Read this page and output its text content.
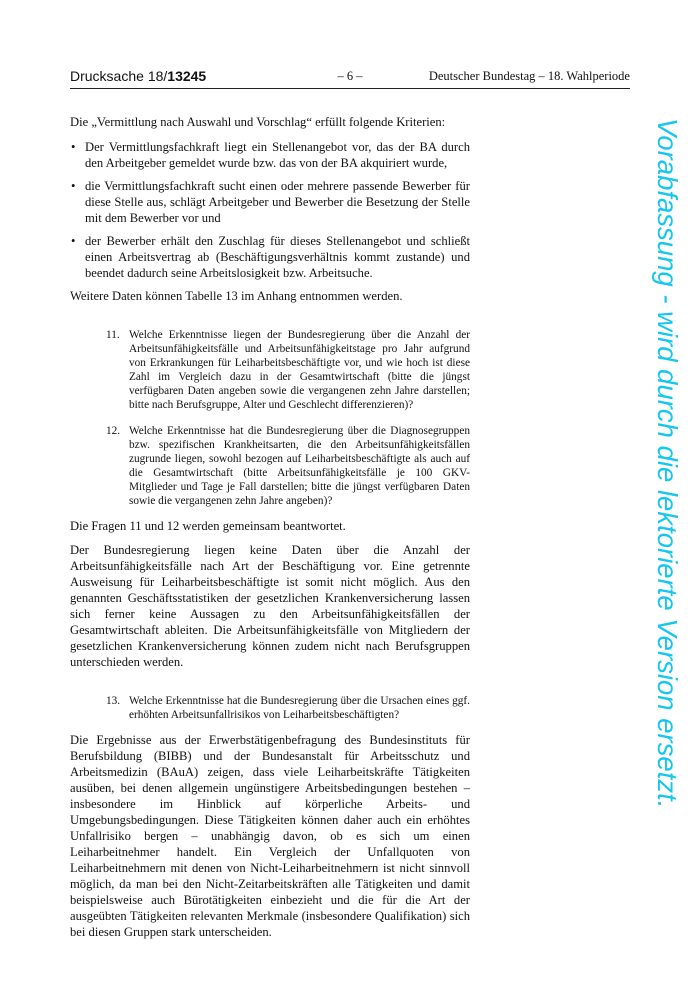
Drucksache 18/13245	– 6 –	Deutscher Bundestag – 18. Wahlperiode

Die „Vermittlung nach Auswahl und Vorschlag“ erfüllt folgende Kriterien:

• Der Vermittlungsfachkraft liegt ein Stellenangebot vor, das der BA durch den Arbeitgeber gemeldet wurde bzw. das von der BA akquiriert wurde,
• die Vermittlungsfachkraft sucht einen oder mehrere passende Bewerber für diese Stelle aus, schlägt Arbeitgeber und Bewerber die Besetzung der Stelle mit dem Bewerber vor und
• der Bewerber erhält den Zuschlag für dieses Stellenangebot und schließt einen Arbeitsvertrag ab (Beschäftigungsverhältnis kommt zustande) und beendet dadurch seine Arbeitslosigkeit bzw. Arbeitsuche.

Weitere Daten können Tabelle 13 im Anhang entnommen werden.

11. Welche Erkenntnisse liegen der Bundesregierung über die Anzahl der Arbeitsunfähigkeitsfälle und Arbeitsunfähigkeitstage pro Jahr aufgrund von Erkrankungen für Leiharbeitsbeschäftigte vor, und wie hoch ist diese Zahl im Vergleich dazu in der Gesamtwirtschaft (bitte die jüngst verfügbaren Daten angeben sowie die vergangenen zehn Jahre darstellen; bitte nach Berufsgruppe, Alter und Geschlecht differenzieren)?
12. Welche Erkenntnisse hat die Bundesregierung über die Diagnosegruppen bzw. spezifischen Krankheitsarten, die den Arbeitsunfähigkeitsfällen zugrunde liegen, sowohl bezogen auf Leiharbeitsbeschäftigte als auch auf die Gesamtwirtschaft (bitte Arbeitsunfähigkeitsfälle je 100 GKV-Mitglieder und Tage je Fall darstellen; bitte die jüngst verfügbaren Daten sowie die vergangenen zehn Jahre angeben)?

Die Fragen 11 und 12 werden gemeinsam beantwortet.

Der Bundesregierung liegen keine Daten über die Anzahl der Arbeitsunfähigkeitsfälle nach Art der Beschäftigung vor. Eine getrennte Ausweisung für Leiharbeitsbeschäftigte ist somit nicht möglich. Aus den genannten Geschäftsstatistiken der gesetzlichen Krankenversicherung lassen sich ferner keine Aussagen zu den Arbeitsunfähigkeitsfällen der Gesamtwirtschaft ableiten. Die Arbeitsunfähigkeitsfälle von Mitgliedern der gesetzlichen Krankenversicherung können zudem nicht nach Berufsgruppen unterschieden werden.

13. Welche Erkenntnisse hat die Bundesregierung über die Ursachen eines ggf. erhöhten Arbeitsunfallrisikos von Leiharbeitsbeschäftigten?

Die Ergebnisse aus der Erwerbstätigenbefragung des Bundesinstituts für Berufsbildung (BIBB) und der Bundesanstalt für Arbeitsschutz und Arbeitsmedizin (BAuA) zeigen, dass viele Leiharbeitskräfte Tätigkeiten ausüben, bei denen allgemein ungünstigere Arbeitsbedingungen bestehen – insbesondere im Hinblick auf körperliche Arbeits- und Umgebungsbedingungen. Diese Tätigkeiten können daher auch ein erhöhtes Unfallrisiko bergen – unabhängig davon, ob es sich um einen Leiharbeitnehmer handelt. Ein Vergleich der Unfallquoten von Leiharbeitnehmern mit denen von Nicht-Leiharbeitnehmern ist nicht sinnvoll möglich, da man bei den Nicht-Zeitarbeitskräften alle Tätigkeiten und damit beispielsweise auch Bürotätigkeiten einbezieht und die für die Art der ausgeübten Tätigkeiten relevanten Merkmale (insbesondere Qualifikation) sich bei diesen Gruppen stark unterscheiden.

Vorabfassung - wird durch die lektorierte Version ersetzt.
